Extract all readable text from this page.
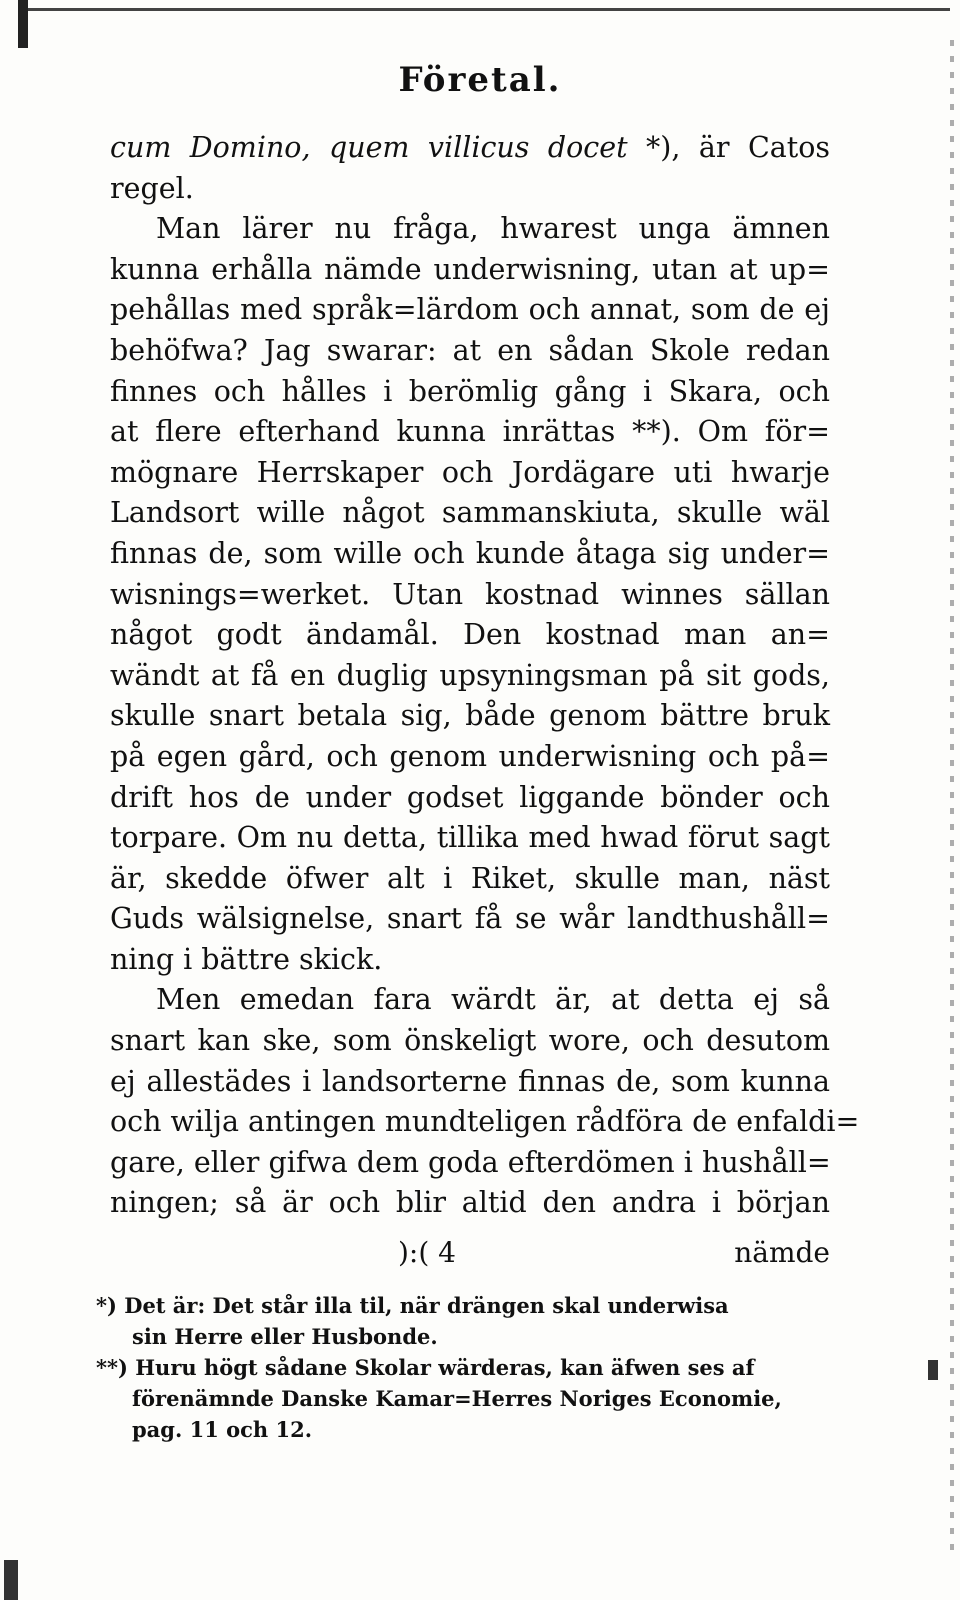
Företal.
cum Domino, quem villicus docet *), är Catos
regel.
Man lärer nu fråga, hwarest unga ämnen
kunna erhålla nämde underwisning, utan at up=
pehållas med språk=lärdom och annat, som de ej
behöfwa? Jag swarar: at en sådan Skole redan
finnes och hålles i berömlig gång i Skara, och
at flere efterhand kunna inrättas **). Om för=
mögnare Herrskaper och Jordägare uti hwarje
Landsort wille något sammanskiuta, skulle wäl
finnas de, som wille och kunde åtaga sig under=
wisnings=werket. Utan kostnad winnes sällan
något godt ändamål. Den kostnad man an=
wändt at få en duglig upsyningsman på sit gods,
skulle snart betala sig, både genom bättre bruk
på egen gård, och genom underwisning och på=
drift hos de under godset liggande bönder och
torpare. Om nu detta, tillika med hwad förut sagt
är, skedde öfwer alt i Riket, skulle man, näst
Guds wälsignelse, snart få se wår landthushåll=
ning i bättre skick.
Men emedan fara wärdt är, at detta ej så
snart kan ske, som önskeligt wore, och desutom
ej allestädes i landsorterne finnas de, som kunna
och wilja antingen mundteligen rådföra de enfaldi=
gare, eller gifwa dem goda efterdömen i hushåll=
ningen; så är och blir altid den andra i början
):( 4	nämde
*) Det är: Det står illa til, när drängen skal underwisa
sin Herre eller Husbonde.
**) Huru högt sådane Skolar wärderas, kan äfwen ses af
förenämnde Danske Kamar=Herres Noriges Economie,
pag. 11 och 12.
